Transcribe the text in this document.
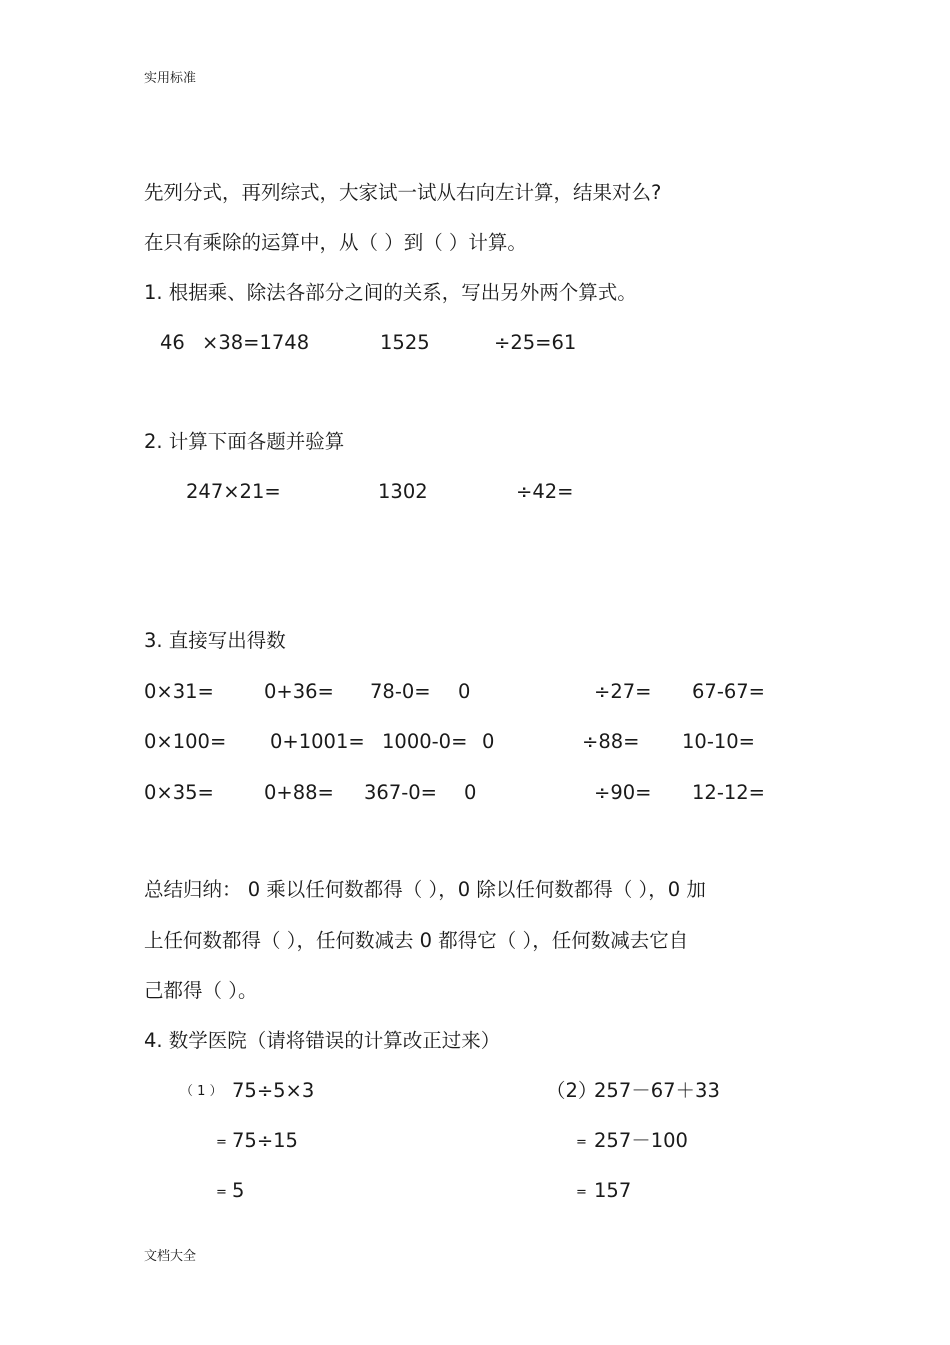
实用标准
先列分式，再列综式，大家试一试从右向左计算，结果对么?
在只有乘除的运算中，从（ ）到（ ）计算。
1. 根据乘、除法各部分之间的关系，写出另外两个算式。
46 ×38=1748	1525	÷25=61
2. 计算下面各题并验算
247×21=	1302	÷42=
3. 直接写出得数
0×31=	0+36= 78-0= 0	÷27= 67-67=
0×100= 0+1001= 1000-0= 0	÷88= 10-10=
0×35=	0+88= 367-0= 0	÷90= 12-12=
总结归纳： 0 乘以任何数都得（ ），0 除以任何数都得（ ），0 加
上任何数都得（ ），任何数减去 0 都得它（ ），任何数减去它自
己都得（ ）。
4. 数学医院（请将错误的计算改正过来）
（ 1 ） 75÷5×3
= 75÷15
= 5
（2）
257－67＋33
= 257－100
= 157
文档大全
